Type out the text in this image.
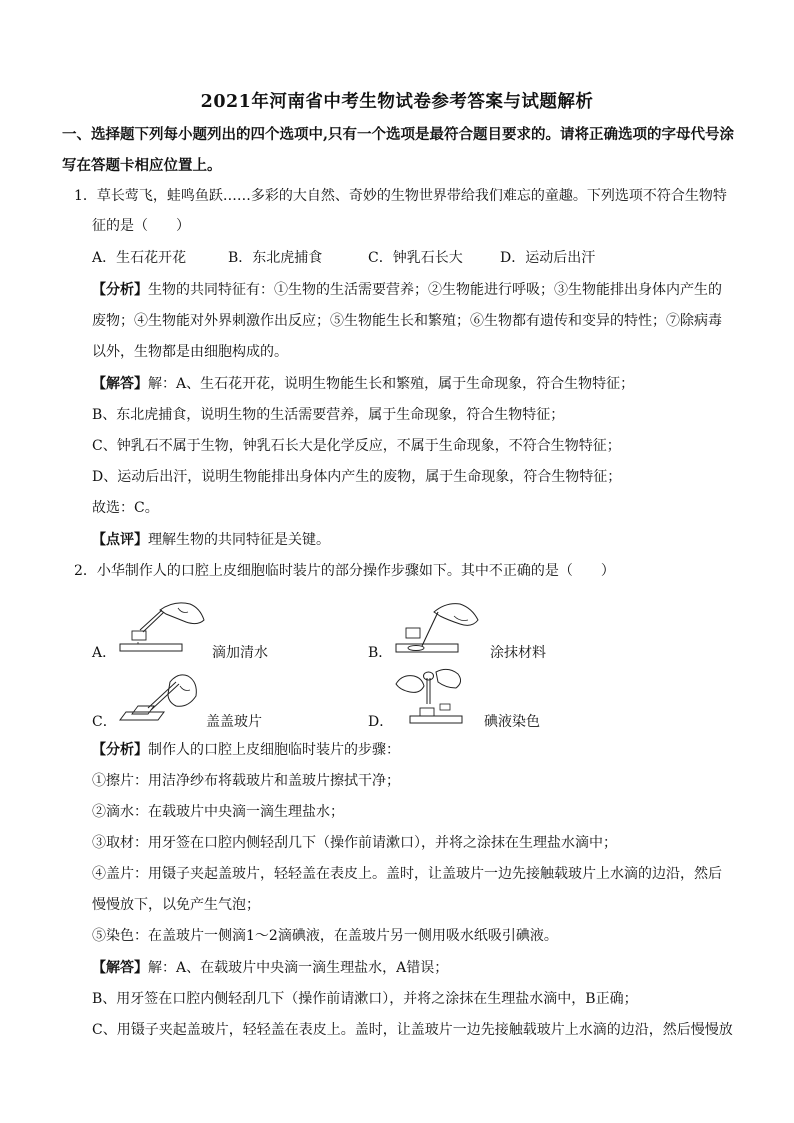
2021年河南省中考生物试卷参考答案与试题解析
一、选择题下列每小题列出的四个选项中,只有一个选项是最符合题目要求的。请将正确选项的字母代号涂
写在答题卡相应位置上。
1．草长莺飞，蛙鸣鱼跃……多彩的大自然、奇妙的生物世界带给我们难忘的童趣。下列选项不符合生物特
征的是（　　）
A．生石花开花	B．东北虎捕食	C．钟乳石长大	D．运动后出汗
【分析】生物的共同特征有：①生物的生活需要营养；②生物能进行呼吸；③生物能排出身体内产生的
废物；④生物能对外界刺激作出反应；⑤生物能生长和繁殖；⑥生物都有遗传和变异的特性；⑦除病毒
以外，生物都是由细胞构成的。
【解答】解：A、生石花开花，说明生物能生长和繁殖，属于生命现象，符合生物特征；
B、东北虎捕食，说明生物的生活需要营养，属于生命现象，符合生物特征；
C、钟乳石不属于生物，钟乳石长大是化学反应，不属于生命现象，不符合生物特征；
D、运动后出汗，说明生物能排出身体内产生的废物，属于生命现象，符合生物特征；
故选：C。
【点评】理解生物的共同特征是关键。
2．小华制作人的口腔上皮细胞临时装片的部分操作步骤如下。其中不正确的是（　　）
A．	滴加清水	B．	涂抹材料
C．	盖盖玻片	D．	碘液染色
【分析】制作人的口腔上皮细胞临时装片的步骤：
①擦片：用洁净纱布将载玻片和盖玻片擦拭干净；
②滴水：在载玻片中央滴一滴生理盐水；
③取材：用牙签在口腔内侧轻刮几下（操作前请漱口），并将之涂抹在生理盐水滴中；
④盖片：用镊子夹起盖玻片，轻轻盖在表皮上。盖时，让盖玻片一边先接触载玻片上水滴的边沿，然后
慢慢放下，以免产生气泡；
⑤染色：在盖玻片一侧滴1～2滴碘液，在盖玻片另一侧用吸水纸吸引碘液。
【解答】解：A、在载玻片中央滴一滴生理盐水，A错误；
B、用牙签在口腔内侧轻刮几下（操作前请漱口），并将之涂抹在生理盐水滴中，B正确；
C、用镊子夹起盖玻片，轻轻盖在表皮上。盖时，让盖玻片一边先接触载玻片上水滴的边沿，然后慢慢放
